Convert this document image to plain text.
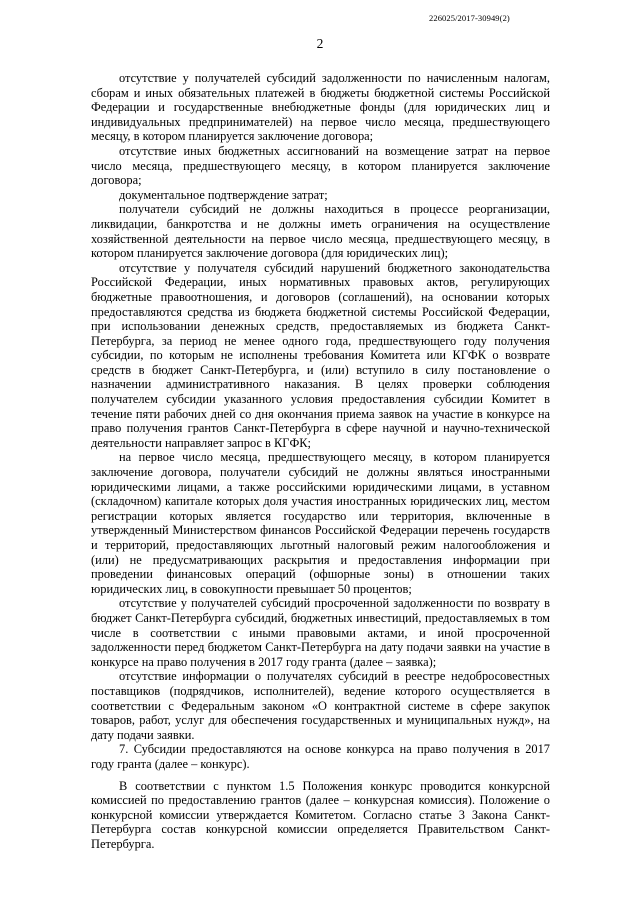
226025/2017-30949(2)
2

отсутствие у получателей субсидий задолженности по начисленным налогам, сборам и иных обязательных платежей в бюджеты бюджетной системы Российской Федерации и государственные внебюджетные фонды (для юридических лиц и индивидуальных предпринимателей) на первое число месяца, предшествующего месяцу, в котором планируется заключение договора;

отсутствие иных бюджетных ассигнований на возмещение затрат на первое число месяца, предшествующего месяцу, в котором планируется заключение договора;

документальное подтверждение затрат;

получатели субсидий не должны находиться в процессе реорганизации, ликвидации, банкротства и не должны иметь ограничения на осуществление хозяйственной деятельности на первое число месяца, предшествующего месяцу, в котором планируется заключение договора (для юридических лиц);

отсутствие у получателя субсидий нарушений бюджетного законодательства Российской Федерации, иных нормативных правовых актов, регулирующих бюджетные правоотношения, и договоров (соглашений), на основании которых предоставляются средства из бюджета бюджетной системы Российской Федерации, при использовании денежных средств, предоставляемых из бюджета Санкт-Петербурга, за период не менее одного года, предшествующего году получения субсидии, по которым не исполнены требования Комитета или КГФК о возврате средств в бюджет Санкт-Петербурга, и (или) вступило в силу постановление о назначении административного наказания. В целях проверки соблюдения получателем субсидии указанного условия предоставления субсидии Комитет в течение пяти рабочих дней со дня окончания приема заявок на участие в конкурсе на право получения грантов Санкт-Петербурга в сфере научной и научно-технической деятельности направляет запрос в КГФК;

на первое число месяца, предшествующего месяцу, в котором планируется заключение договора, получатели субсидий не должны являться иностранными юридическими лицами, а также российскими юридическими лицами, в уставном (складочном) капитале которых доля участия иностранных юридических лиц, местом регистрации которых является государство или территория, включенные в утвержденный Министерством финансов Российской Федерации перечень государств и территорий, предоставляющих льготный налоговый режим налогообложения и (или) не предусматривающих раскрытия и предоставления информации при проведении финансовых операций (офшорные зоны) в отношении таких юридических лиц, в совокупности превышает 50 процентов;

отсутствие у получателей субсидий просроченной задолженности по возврату в бюджет Санкт-Петербурга субсидий, бюджетных инвестиций, предоставляемых в том числе в соответствии с иными правовыми актами, и иной просроченной задолженности перед бюджетом Санкт-Петербурга на дату подачи заявки на участие в конкурсе на право получения в 2017 году гранта (далее – заявка);

отсутствие информации о получателях субсидий в реестре недобросовестных поставщиков (подрядчиков, исполнителей), ведение которого осуществляется в соответствии с Федеральным законом «О контрактной системе в сфере закупок товаров, работ, услуг для обеспечения государственных и муниципальных нужд», на дату подачи заявки.

7. Субсидии предоставляются на основе конкурса на право получения в 2017 году гранта (далее – конкурс).

В соответствии с пунктом 1.5 Положения конкурс проводится конкурсной комиссией по предоставлению грантов (далее – конкурсная комиссия). Положение о конкурсной комиссии утверждается Комитетом. Согласно статье 3 Закона Санкт-Петербурга состав конкурсной комиссии определяется Правительством Санкт-Петербурга.
